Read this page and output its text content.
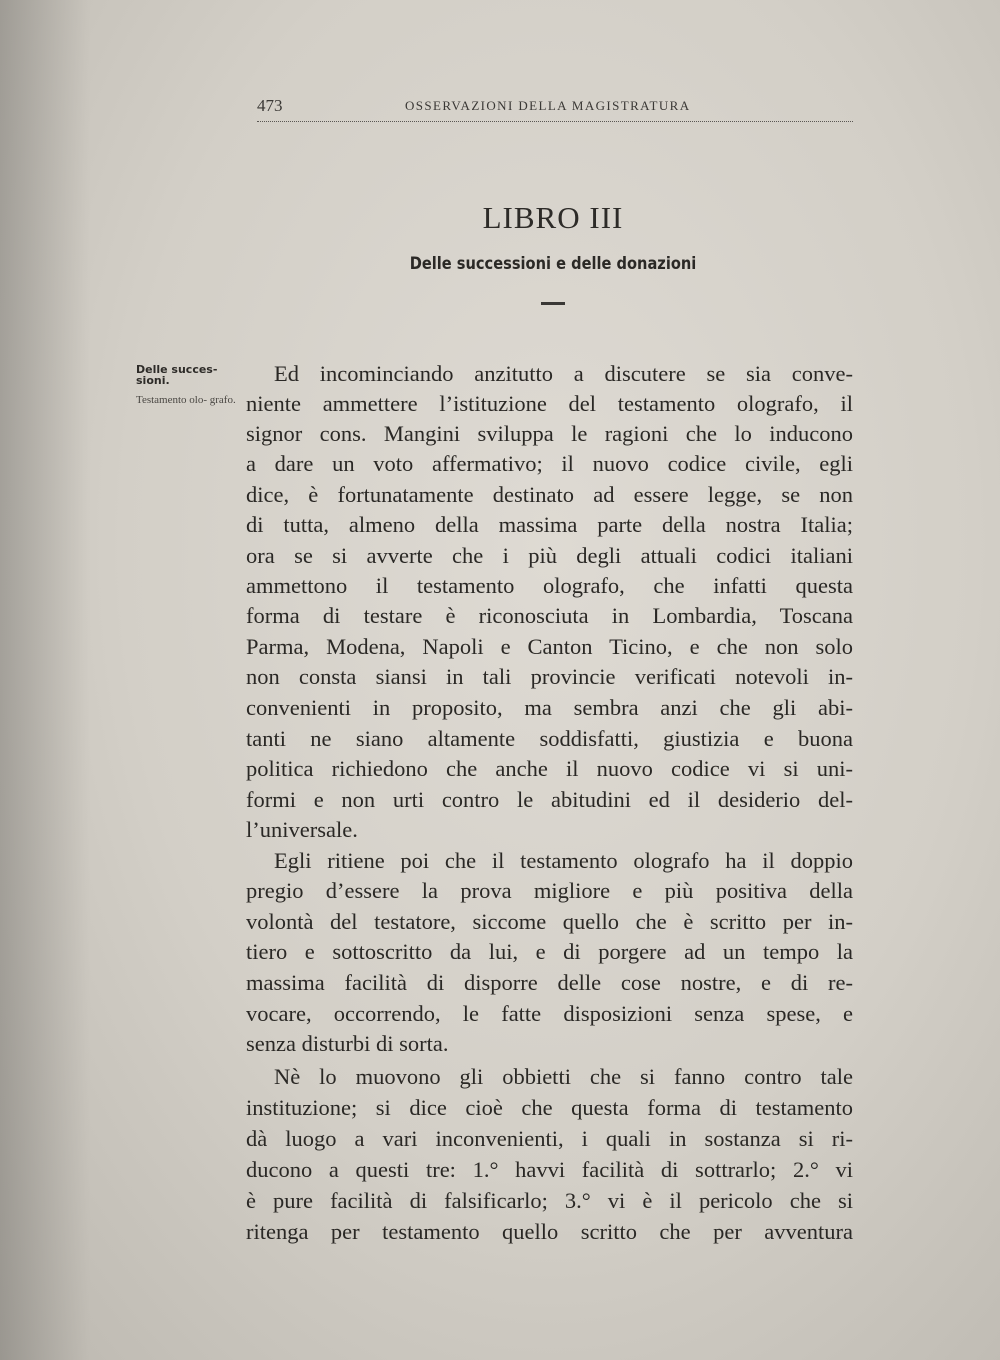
473	OSSERVAZIONI DELLA MAGISTRATURA
LIBRO III
Delle successioni e delle donazioni
Delle succes- sioni.
Testamento olo- grafo.
Ed incominciando anzitutto a discutere se sia conve-
niente ammettere l’istituzione del testamento olografo, il
signor cons. Mangini sviluppa le ragioni che lo inducono
a dare un voto affermativo; il nuovo codice civile, egli
dice, è fortunatamente destinato ad essere legge, se non
di tutta, almeno della massima parte della nostra Italia;
ora se si avverte che i più degli attuali codici italiani
ammettono il testamento olografo, che infatti questa
forma di testare è riconosciuta in Lombardia, Toscana
Parma, Modena, Napoli e Canton Ticino, e che non solo
non consta siansi in tali provincie verificati notevoli in-
convenienti in proposito, ma sembra anzi che gli abi-
tanti ne siano altamente soddisfatti, giustizia e buona
politica richiedono che anche il nuovo codice vi si uni-
formi e non urti contro le abitudini ed il desiderio del-
l’universale.
Egli ritiene poi che il testamento olografo ha il doppio
pregio d’essere la prova migliore e più positiva della
volontà del testatore, siccome quello che è scritto per in-
tiero e sottoscritto da lui, e di porgere ad un tempo la
massima facilità di disporre delle cose nostre, e di re-
vocare, occorrendo, le fatte disposizioni senza spese, e
senza disturbi di sorta.
Nè lo muovono gli obbietti che si fanno contro tale
instituzione; si dice cioè che questa forma di testamento
dà luogo a vari inconvenienti, i quali in sostanza si ri-
ducono a questi tre: 1.° havvi facilità di sottrarlo; 2.° vi
è pure facilità di falsificarlo; 3.° vi è il pericolo che si
ritenga per testamento quello scritto che per avventura
